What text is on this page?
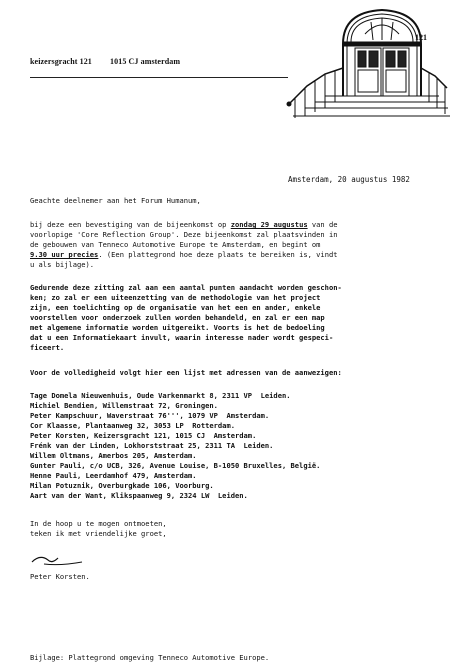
keizersgracht 121 1015 CJ amsterdam
121
Amsterdam, 20 augustus 1982
Geachte deelnemer aan het Forum Humanum,
bij deze een bevestiging van de bijeenkomst op zondag 29 augustus van de
voorlopige 'Core Reflection Group'. Deze bijeenkomst zal plaatsvinden in
de gebouwen van Tenneco Automotive Europe te Amsterdam, en begint om
9.30 uur precies. (Een plattegrond hoe deze plaats te bereiken is, vindt
u als bijlage).
Gedurende deze zitting zal aan een aantal punten aandacht worden geschon-
ken; zo zal er een uiteenzetting van de methodologie van het project
zijn, een toelichting op de organisatie van het een en ander, enkele
voorstellen voor onderzoek zullen worden behandeld, en zal er een map
met algemene informatie worden uitgereikt. Voorts is het de bedoeling
dat u een Informatiekaart invult, waarin interesse nader wordt gespeci-
ficeert.
Voor de volledigheid volgt hier een lijst met adressen van de aanwezigen:
Tage Domela Nieuwenhuis, Oude Varkenmarkt 8, 2311 VP  Leiden.
Michiel Bendien, Willemstraat 72, Groningen.
Peter Kampschuur, Waverstraat 76''', 1079 VP  Amsterdam.
Cor Klaasse, Plantaanweg 32, 3053 LP  Rotterdam.
Peter Korsten, Keizersgracht 121, 1015 CJ  Amsterdam.
Frénk van der Linden, Lokhorststraat 25, 2311 TA  Leiden.
Willem Oltmans, Amerbos 205, Amsterdam.
Gunter Pauli, c/o UCB, 326, Avenue Louise, B-1050 Bruxelles, België.
Henne Pauli, Leerdamhof 479, Amsterdam.
Milan Potuznik, Overburgkade 106, Voorburg.
Aart van der Want, Klikspaanweg 9, 2324 LW  Leiden.
In de hoop u te mogen ontmoeten,
teken ik met vriendelijke groet,
Peter Korsten.
Bijlage: Plattegrond omgeving Tenneco Automotive Europe.
